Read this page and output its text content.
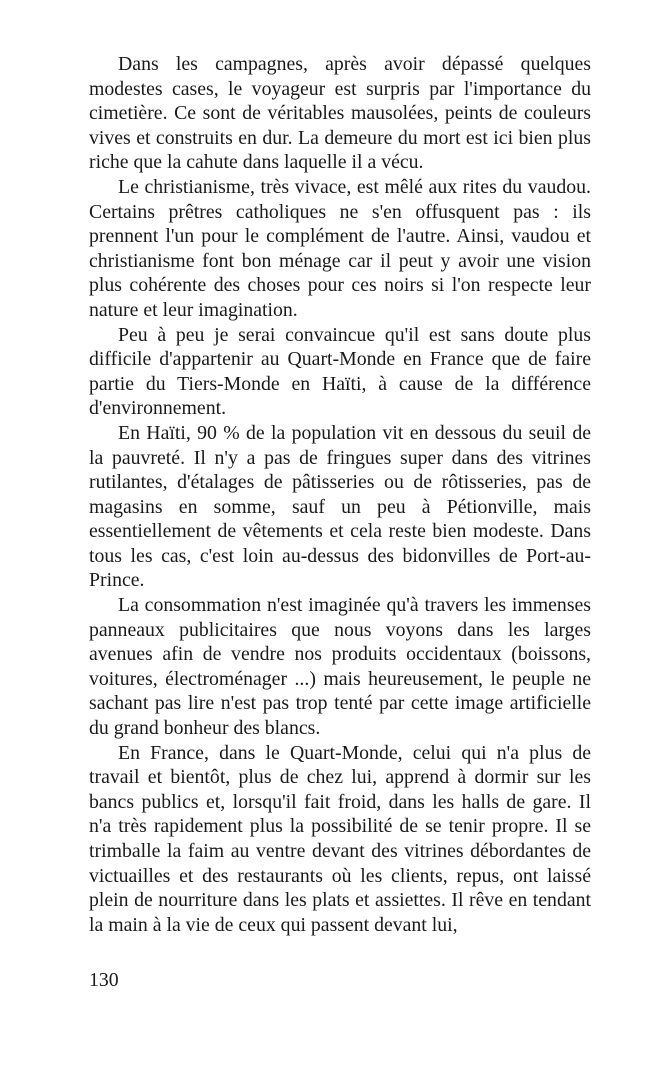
Dans les campagnes, après avoir dépassé quelques modestes cases, le voyageur est surpris par l'importance du cimetière. Ce sont de véritables mausolées, peints de couleurs vives et construits en dur. La demeure du mort est ici bien plus riche que la cahute dans laquelle il a vécu.

Le christianisme, très vivace, est mêlé aux rites du vaudou. Certains prêtres catholiques ne s'en offusquent pas : ils prennent l'un pour le complément de l'autre. Ainsi, vaudou et christianisme font bon ménage car il peut y avoir une vision plus cohérente des choses pour ces noirs si l'on respecte leur nature et leur imagination.

Peu à peu je serai convaincue qu'il est sans doute plus difficile d'appartenir au Quart-Monde en France que de faire partie du Tiers-Monde en Haïti, à cause de la différence d'environnement.

En Haïti, 90 % de la population vit en dessous du seuil de la pauvreté. Il n'y a pas de fringues super dans des vitrines rutilantes, d'étalages de pâtisseries ou de rôtisseries, pas de magasins en somme, sauf un peu à Pétionville, mais essentiellement de vêtements et cela reste bien modeste. Dans tous les cas, c'est loin au-dessus des bidonvilles de Port-au-Prince.

La consommation n'est imaginée qu'à travers les immenses panneaux publicitaires que nous voyons dans les larges avenues afin de vendre nos produits occidentaux (boissons, voitures, électroménager ...) mais heureusement, le peuple ne sachant pas lire n'est pas trop tenté par cette image artificielle du grand bonheur des blancs.

En France, dans le Quart-Monde, celui qui n'a plus de travail et bientôt, plus de chez lui, apprend à dormir sur les bancs publics et, lorsqu'il fait froid, dans les halls de gare. Il n'a très rapidement plus la possibilité de se tenir propre. Il se trimballe la faim au ventre devant des vitrines débordantes de victuailles et des restaurants où les clients, repus, ont laissé plein de nourriture dans les plats et assiettes. Il rêve en tendant la main à la vie de ceux qui passent devant lui,

130
